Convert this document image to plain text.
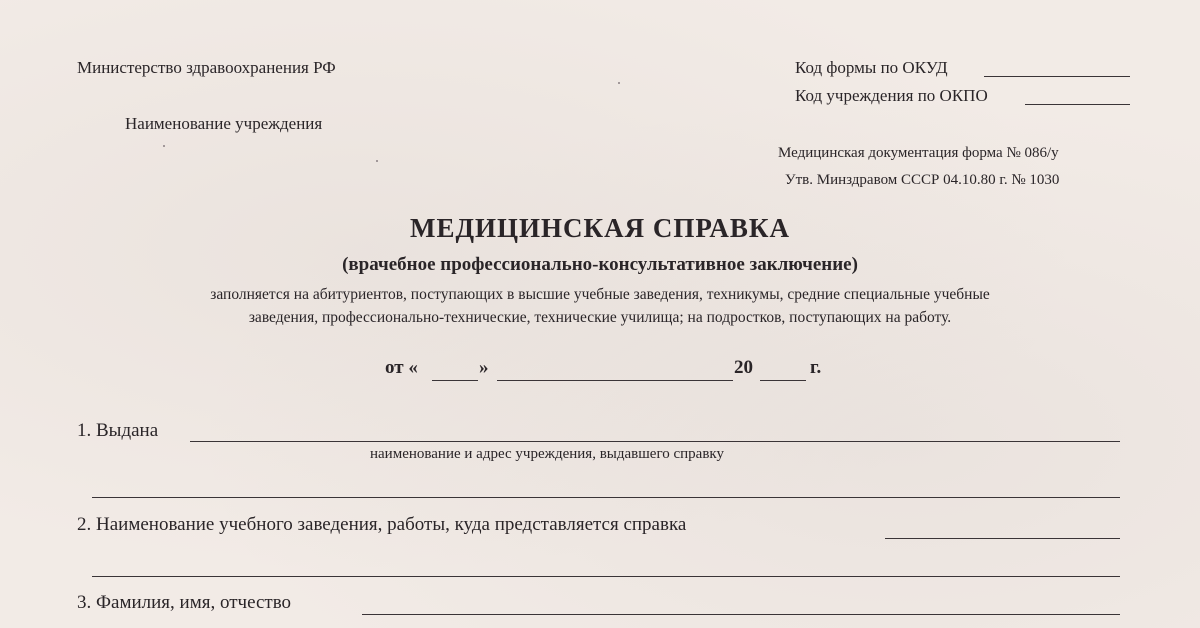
Министерство здравоохранения РФ
Наименование учреждения
Код формы по ОКУД
Код учреждения по ОКПО
Медицинская документация форма № 086/у
Утв. Минздравом СССР 04.10.80 г. № 1030
МЕДИЦИНСКАЯ СПРАВКА
(врачебное профессионально-консультативное заключение)
заполняется на абитуриентов, поступающих в высшие учебные заведения, техникумы, средние специальные учебные
заведения, профессионально-технические, технические училища; на подростков, поступающих на работу.
от «	»	20	г.
1. Выдана
наименование и адрес учреждения, выдавшего справку
2. Наименование учебного заведения, работы, куда представляется справка
3. Фамилия, имя, отчество
